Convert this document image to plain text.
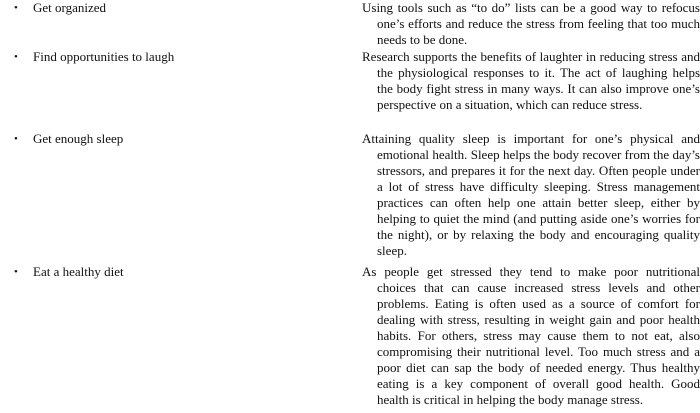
• Get organized	Using tools such as “to do” lists can be a good way to refocus one’s efforts and reduce the stress from feeling that too much needs to be done.
• Find opportunities to laugh	Research supports the benefits of laughter in reducing stress and the physiological responses to it. The act of laughing helps the body fight stress in many ways. It can also improve one’s perspective on a situation, which can reduce stress.
• Get enough sleep	Attaining quality sleep is important for one’s physical and emotional health. Sleep helps the body recover from the day’s stressors, and prepares it for the next day. Often people under a lot of stress have difficulty sleeping. Stress management practices can often help one attain better sleep, either by helping to quiet the mind (and putting aside one’s worries for the night), or by relaxing the body and encouraging quality sleep.
• Eat a healthy diet	As people get stressed they tend to make poor nutritional choices that can cause increased stress levels and other problems. Eating is often used as a source of comfort for dealing with stress, resulting in weight gain and poor health habits. For others, stress may cause them to not eat, also compromising their nutritional level. Too much stress and a poor diet can sap the body of needed energy. Thus healthy eating is a key component of overall good health. Good health is critical in helping the body manage stress.
